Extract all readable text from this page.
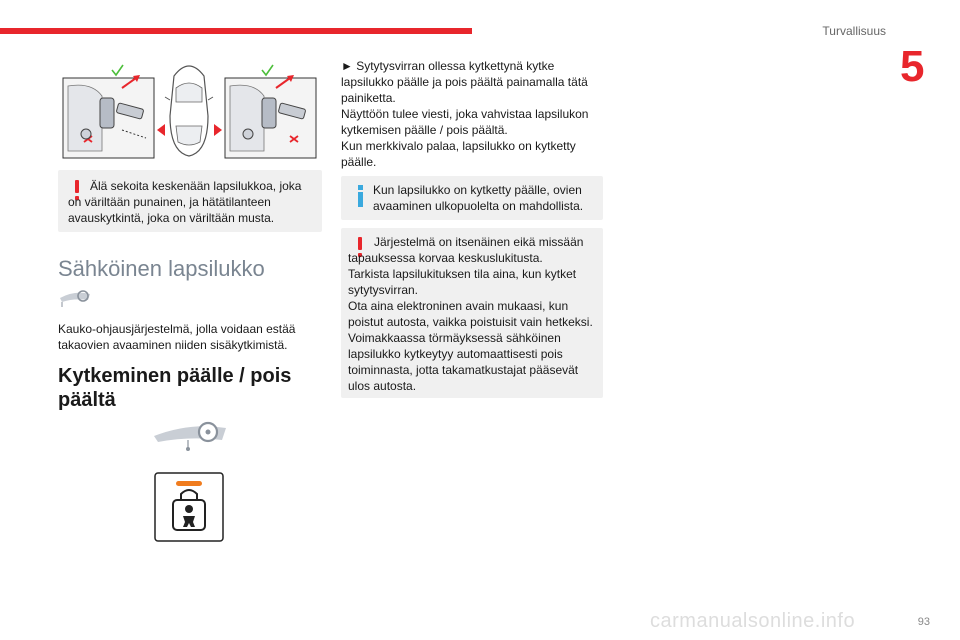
Turvallisuus
5
Älä sekoita keskenään lapsilukkoa, joka on väriltään punainen, ja hätätilanteen avauskytkintä, joka on väriltään musta.
Sähköinen lapsilukko
Kauko-ohjausjärjestelmä, jolla voidaan estää takaovien avaaminen niiden sisäkytkimistä.
Kytkeminen päälle / pois päältä
► Sytytysvirran ollessa kytkettynä kytke lapsilukko päälle ja pois päältä painamalla tätä painiketta.
Näyttöön tulee viesti, joka vahvistaa lapsilukon kytkemisen päälle / pois päältä.
Kun merkkivalo palaa, lapsilukko on kytketty päälle.
Kun lapsilukko on kytketty päälle, ovien avaaminen ulkopuolelta on mahdollista.
Järjestelmä on itsenäinen eikä missään tapauksessa korvaa keskuslukitusta.
Tarkista lapsilukituksen tila aina, kun kytket sytytysvirran.
Ota aina elektroninen avain mukaasi, kun poistut autosta, vaikka poistuisit vain hetkeksi.
Voimakkaassa törmäyksessä sähköinen lapsilukko kytkeytyy automaattisesti pois toiminnasta, jotta takamatkustajat pääsevät ulos autosta.
carmanualsonline.info	93
